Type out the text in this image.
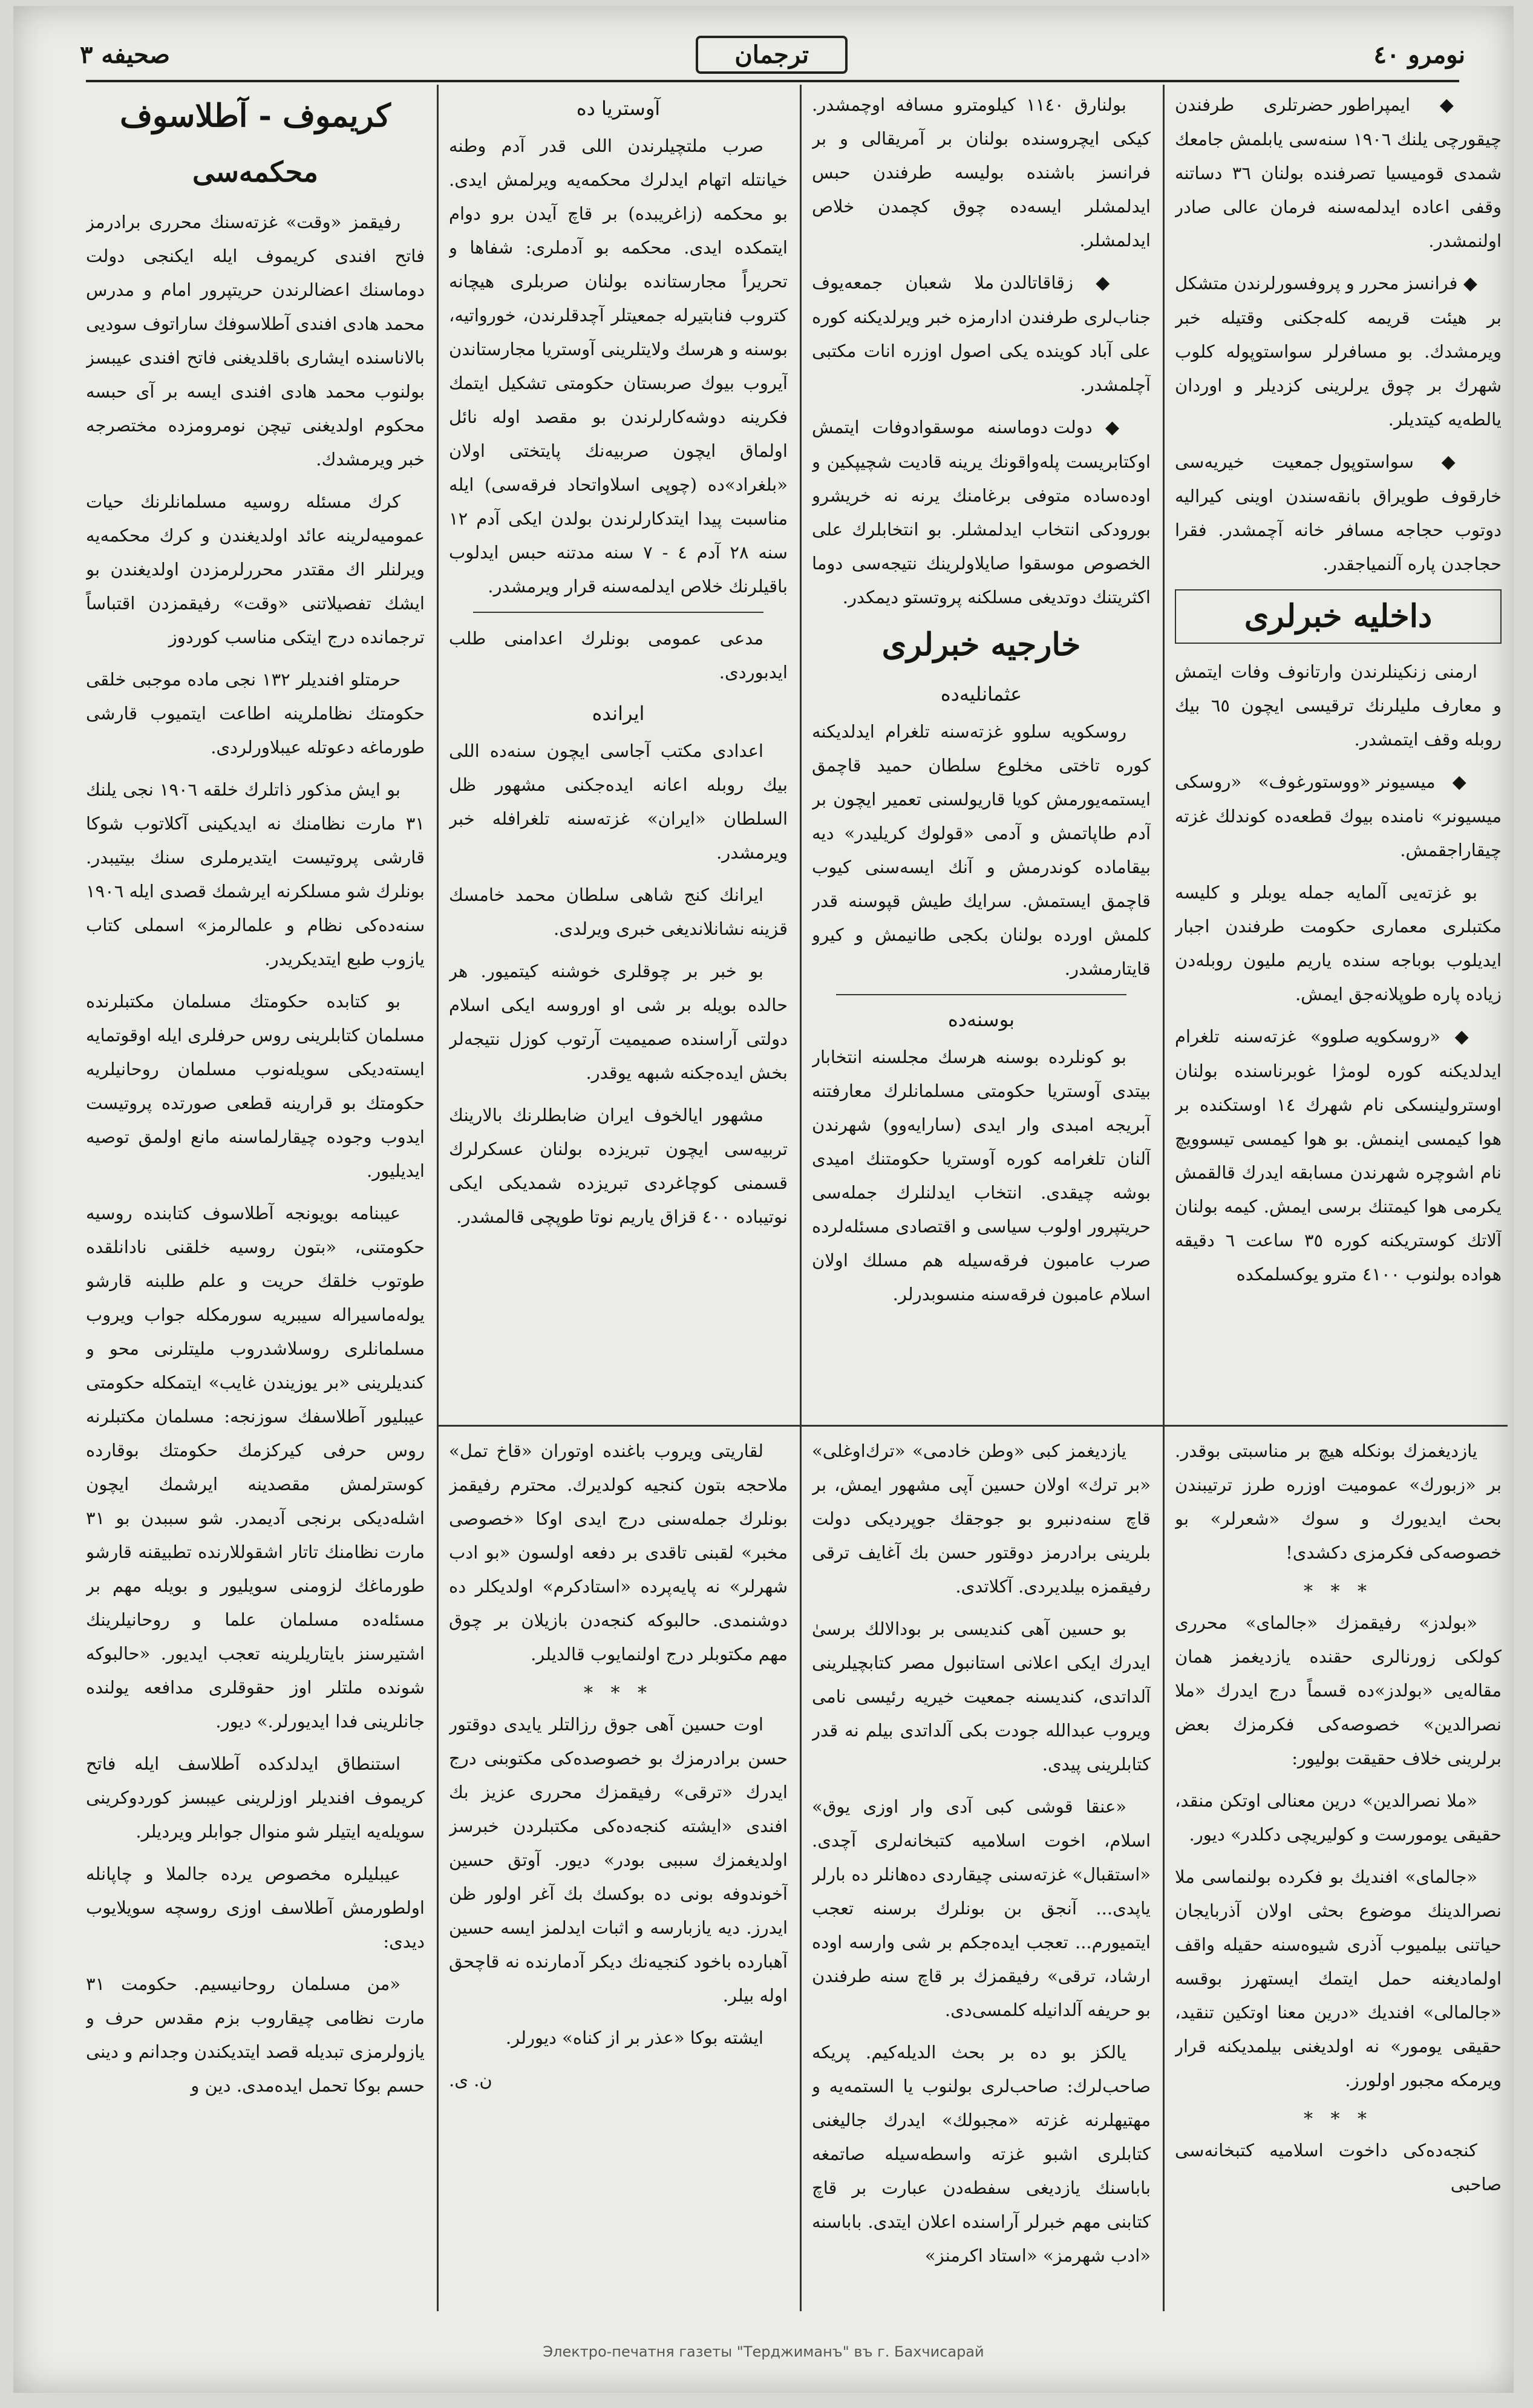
نومرو ٤٠
ترجمان
صحيفه ٣

◆ ايمپراطور حضرتلرى طرفندن چيقورچى يلنك ١٩٠٦ سنه‌سى يابلمش جامعك شمدى قوميسيا تصرفنده بولنان ٣٦ دساتنه وقفى اعاده ايدلمه‌سنه فرمان عالى صادر اولنمشدر.

◆ فرانسز محرر و پروفسورلرندن متشكل بر هيئت قريمه كله‌جكنى وقتيله خبر ويرمشدك. بو مسافرلر سواستوپوله كلوب شهرك بر چوق يرلرينى كزديلر و اوردان يالطه‌يه كيتديلر.

◆ سواستوپول جمعيت خيريه‌سى خارقوف طويراق بانقه‌سندن اوينى كيراليه دوتوب حجاجه مسافر خانه آچمشدر. فقرا حجاجدن پاره آلنمياجقدر.

داخليه خبرلرى

ارمنى زنكينلرندن وارتانوف وفات ايتمش و معارف مليلرنك ترقيسى ايچون ٦٥ بيك روبله وقف ايتمشدر.

◆ ميسيونر «ووستورغوف» «روسكى ميسيونر» نامنده بيوك قطعه‌ده كوندلك غزته چيقاراجقمش.

بو غزته‌يى آلمايه جمله يوبلر و كليسه مكتبلرى معمارى حكومت طرفندن اجبار ايديلوب بوباجه سنده ياريم مليون روبله‌دن زياده پاره طوپلانه‌جق ايمش.

◆ «روسكويه صلوو» غزته‌سنه تلغرام ايدلديكنه كوره لومژا غوبرناسنده بولنان اوسترولينسكى نام شهرك ١٤ اوستكنده بر هوا كيمسى اينمش. بو هوا كيمسى تيسوويچ نام اشوچره شهرندن مسابقه ايدرك قالقمش يكرمى هوا كيمتنك برسى ايمش. كيمه بولنان آلاتك كوستريكنه كوره ٣٥ ساعت ٦ دقيقه هواده بولنوب ٤١٠٠ مترو يوكسلمكده

بولنارق ١١٤٠ كيلومترو مسافه اوچمشدر. كيكى ايچروسنده بولنان بر آمريقالى و بر فرانسز باشنده بوليسه طرفندن حبس ايدلمشلر ايسه‌ده چوق كچمدن خلاص ايدلمشلر.

◆ زقاقاتالدن ملا شعبان جمعه‌يوف جناب‌لرى طرفندن ادارمزه خبر ويرلديكنه كوره على آباد كوينده يكى اصول اوزره انات مكتبى آچلمشدر.

◆ دولت دوماسنه موسقوادوفات ايتمش اوكتابريست پله‌واقونك يرينه قاديت شچيپكين و اوده‌ساده متوفى برغامنك يرنه نه خريشرو بورودكى انتخاب ايدلمشلر. بو انتخابلرك على الخصوص موسقوا صايلاولرينك نتيجه‌سى دوما اكثريتنك دوتديغى مسلكنه پروتستو ديمكدر.

خارجيه خبرلرى
عثمانليه‌ده

روسكويه سلوو غزته‌سنه تلغرام ايدلديكنه كوره تاختى مخلوع سلطان حميد قاچمق ايستمه‌يورمش كويا قاريولسنى تعمير ايچون بر آدم طاپاتمش و آدمى «قولوك كريليدر» ديه بيقاماده كوندرمش و آنك ايسه‌سنى كيوب قاچمق ايستمش. سرايك طيش قپوسنه قدر كلمش اورده بولنان بكجى طانيمش و كيرو قايتارمشدر.

بوسنه‌ده

بو كونلرده بوسنه هرسك مجلسنه انتخابار بيتدى آوستريا حكومتى مسلمانلرك معارفتنه آبريجه امبدى وار ايدى (سارايه‌وو) شهرندن آلنان تلغرامه كوره آوستريا حكومتنك اميدى بوشه چيقدى. انتخاب ايدلنلرك جمله‌سى حريتپرور اولوب سياسى و اقتصادى مسئله‌لرده صرب عامبون فرقه‌سيله هم مسلك اولان اسلام عامبون فرقه‌سنه منسوبدرلر.

آوستريا ده

صرب ملتچيلرندن اللى قدر آدم وطنه خيانتله اتهام ايدلرك محكمه‌يه ويرلمش ايدى. بو محكمه (زاغريبده) بر قاچ آيدن برو دوام ايتمكده ايدى. محكمه بو آدملرى: شفاها و تحريراً مجارستانده بولنان صربلرى هيچانه كتروب فنابتيرله جمعيتلر آچدقلرندن، خورواتيه، بوسنه و هرسك ولايتلرينى آوستريا مجارستاندن آيروب بيوك صربستان حكومتى تشكيل ايتمك فكرينه دوشه‌كارلرندن بو مقصد اوله نائل اولماق ايچون صربيه‌نك پايتختى اولان «بلغراد»ده (چوپى اسلاواتحاد فرقه‌سى) ايله مناسبت پيدا ايتدكارلرندن بولدن ايكى آدم ١٢ سنه ٢٨ آدم ٤ - ٧ سنه مدتنه حبس ايدلوب باقيلرنك خلاص ايدلمه‌سنه قرار ويرمشدر.

مدعى عمومى بونلرك اعدامنى طلب ايدبوردى.

ايرانده

اعدادى مكتب آجاسى ايچون سنه‌ده اللى بيك روبله اعانه ايده‌جكنى مشهور ظل السلطان «ايران» غزته‌سنه تلغرافله خبر ويرمشدر.

ايرانك كنج شاهى سلطان محمد خامسك قزينه نشانلانديغى خبرى ويرلدى.

بو خبر بر چوقلرى خوشنه كيتميور. هر حالده بويله بر شى او اوروسه ايكى اسلام دولتى آراسنده صميميت آرتوب كوزل نتيجه‌لر بخش ايده‌جكنه شبهه يوقدر.

مشهور ايالخوف ايران ضابطلرنك بالارينك تربيه‌سى ايچون تبريزده بولنان عسكرلرك قسمنى كوچاغردى تبريزده شمديكى ايكى نوتيباده ٤٠٠ قزاق ياريم نوتا طوپچى قالمشدر.

يازديغمزك بونكله هيچ بر مناسبتى بوقدر. بر «زبورك» عموميت اوزره طرز ترتيبندن بحث ايديورك و سوك «شعرلر» بو خصوصه‌كى فكرمزى دكشدى!

* * *

«بولدز» رفيقمزك «جالماى» محررى كولكى زورنالرى حقنده يازديغمز همان مقاله‌يى «بولدز»ده قسماً درج ايدرك «ملا نصرالدين» خصوصه‌كى فكرمزك بعض برلرينى خلاف حقيقت بوليور:

«ملا نصرالدين» درين معنالى اوتكن منقد، حقيقى يومورست و كوليريچى دكلدر» ديور.

«جالماى» افنديك بو فكرده بولنماسى ملا نصرالدينك موضوع بحثى اولان آذربايجان حياتنى بيلميوب آذرى شيوه‌سنه حقيله واقف اولماديغنه حمل ايتمك ايستهرز بوقسه «جالمالى» افنديك «درين معنا اوتكين تنقيد، حقيقى يومور» نه اولديغنى بيلمديكنه قرار ويرمكه مجبور اولورز.

* * *

كنجه‌ده‌كى داخوت اسلاميه كتبخانه‌سى صاحبى

يازديغمز كبى «وطن خادمى» «ترك‌اوغلى» «بر ترك» اولان حسين آپى مشهور ايمش، بر قاچ سنه‌دنبرو بو جوجقك جوپرديكى دولت بلرينى برادرمز دوقتور حسن بك آغايف ترقى رفيقمزه بيلديردى. آكلاتدى.

بو حسين آهى كنديسى بر بودالالك برسىٰ ايدرك ايكى اعلانى استانبول مصر كتابچيلرينى آلداتدى، كنديسنه جمعيت خيريه رئيسى نامى ويروب عبدالله جودت بكى آلداتدى بيلم نه قدر كتابلرينى پيدى.

«عنقا قوشى كبى آدى وار اوزى يوق» اسلام، اخوت اسلاميه كتبخانه‌لرى آچدى. «استقبال» غزته‌سنى چيقاردى ده‌هانلر ده بارلر ياپدى... آنجق بن بونلرك برسنه تعجب ايتميورم... تعجب ايده‌جكم بر شى وارسه اوده ارشاد، ترقى» رفيقمزك بر قاچ سنه طرفندن بو حريفه آلدانيله كلمسى‌دى.

يالكز بو ده بر بحث الديله‌كيم. پريكه صاحب‌لرك: صاحب‌لرى بولنوب يا الستمه‌يه و مهتيهلرنه غزته «مجبولك» ايدرك جاليغنى كتابلرى اشبو غزته واسطه‌سيله صاتمغه باباسنك يازديغى سفطه‌دن عبارت بر قاچ كتابنى مهم خبرلر آراسنده اعلان ايتدى. باباسنه «ادب شهرمز» «استاد اكرمنز»

لقاريتى ويروب باغنده اوتوران «قاخ تمل» ملاحجه بتون كنجيه كولديرك. محترم رفيقمز بونلرك جمله‌سنى درج ايدى اوكا «خصوصى مخبر» لقبنى تاقدى بر دفعه اولسون «بو ادب شهرلر» نه پايه‌پرده «استادكرم» اولديكلر ده دوشنمدى. حالبوكه كنجه‌دن بازيلان بر چوق مهم مكتوبلر درج اولنمايوب قالديلر.

* * *

اوت حسين آهى جوق رزالتلر يايدى دوقتور حسن برادرمزك بو خصوصده‌كى مكتوبنى درج ايدرك «ترقى» رفيقمزك محررى عزيز بك افندى «ايشته كنجه‌ده‌كى مكتبلردن خبرسز اولديغمزك سببى بودر» ديور. آوتق حسين آخوندوفه بونى ده بوكسك بك آغر اولور ظن ايدرز. ديه يازبارسه و اثبات ايدلمز ايسه حسين آهبارده باخود كنجيه‌نك ديكر آدمارنده نه قاچحق اوله بيلر.

ايشته بوكا «عذر بر از كناه» ديورلر.

ن. ى.

كريموف - آطلاسوف
محكمه‌سى

رفيقمز «وقت» غزته‌سنك محررى برادرمز فاتح افندى كريموف ايله ايكنجى دولت دوماسنك اعضالرندن حريتپرور امام و مدرس محمد هادى افندى آطلاسوفك ساراتوف سوديى بالاناسنده ايشارى باقلديغنى فاتح افندى عيبسز بولنوب محمد هادى افندى ايسه بر آى حبسه محكوم اولديغنى تيچن نومرومزده مختصرجه خبر ويرمشدك.

كرك مسئله روسيه مسلمانلرنك حيات عموميه‌لرينه عائد اولديغندن و كرك محكمه‌يه ويرلنلر اك مقتدر محررلرمزدن اولديغندن بو ايشك تفصيلاتنى «وقت» رفيقمزدن اقتباساً ترجمانده درج ايتكى مناسب كوردوز

حرمتلو افنديلر ١٣٢ نجى ماده موجبى خلقى حكومتك نظاملرينه اطاعت ايتميوب قارشى طورماغه دعوتله عيبلاورلردى.

بو ايش مذكور ذاتلرك خلقه ١٩٠٦ نجى يلنك ٣١ مارت نظامنك نه ايديكينى آكلاتوب شوكا قارشى پروتيست ايتديرملرى سنك بيتيبدر. بونلرك شو مسلكرنه ايرشمك قصدى ايله ١٩٠٦ سنه‌ده‌كى نظام و علمالرمز» اسملى كتاب يازوب طبع ايتديكريدر.

بو كتابده حكومتك مسلمان مكتبلرنده مسلمان كتابلرينى روس حرفلرى ايله اوقوتمايه ايسته‌ديكى سويله‌نوب مسلمان روحانيلريه حكومتك بو قرارينه قطعى صورتده پروتيست ايدوب وجوده چيقارلماسنه مانع اولمق توصيه ايديليور.

عيبنامه بويونجه آطلاسوف كتابنده روسيه حكومتنى، «بتون روسيه خلقنى نادانلقده طوتوب خلقك حريت و علم طلبنه قارشو يوله‌ماسيراله سيبريه سورمكله جواب ويروب مسلمانلرى روسلاشدروب مليتلرنى محو و كنديلرينى «بر يوزيندن غايب» ايتمكله حكومتى عيبليور آطلاسفك سوزنجه: مسلمان مكتبلرنه روس حرفى كيركزمك حكومتك بوقارده كوسترلمش مقصدينه ايرشمك ايچون اشله‌ديكى برنجى آديمدر. شو سببدن بو ٣١ مارت نظامنك تاتار اشقوللارنده تطبيقنه قارشو طورماغك لزومنى سويليور و بويله مهم بر مسئله‌ده مسلمان علما و روحانيلرينك اشتيرسنز بايتاريلرينه تعجب ايديور. «حالبوكه شونده ملتلر اوز حقوقلرى مدافعه يولنده جانلرينى فدا ايديورلر.» ديور.

استنطاق ايدلدكده آطلاسف ايله فاتح كريموف افنديلر اوزلرينى عيبسز كوردوكرينى سويله‌يه ايتيلر شو منوال جوابلر ويرديلر.

عيبليلره مخصوص يرده جالملا و چاپانله اولطورمش آطلاسف اوزى روسچه سويلايوب ديدى:

«من مسلمان روحانيسيم. حكومت ٣١ مارت نظامى چيقاروب بزم مقدس حرف و يازولرمزى تبديله قصد ايتديكندن وجدانم و دينى حسم بوكا تحمل ايده‌مدى. دين و

Электро-печатня газеты "Терджиманъ" въ г. Бахчисарай
